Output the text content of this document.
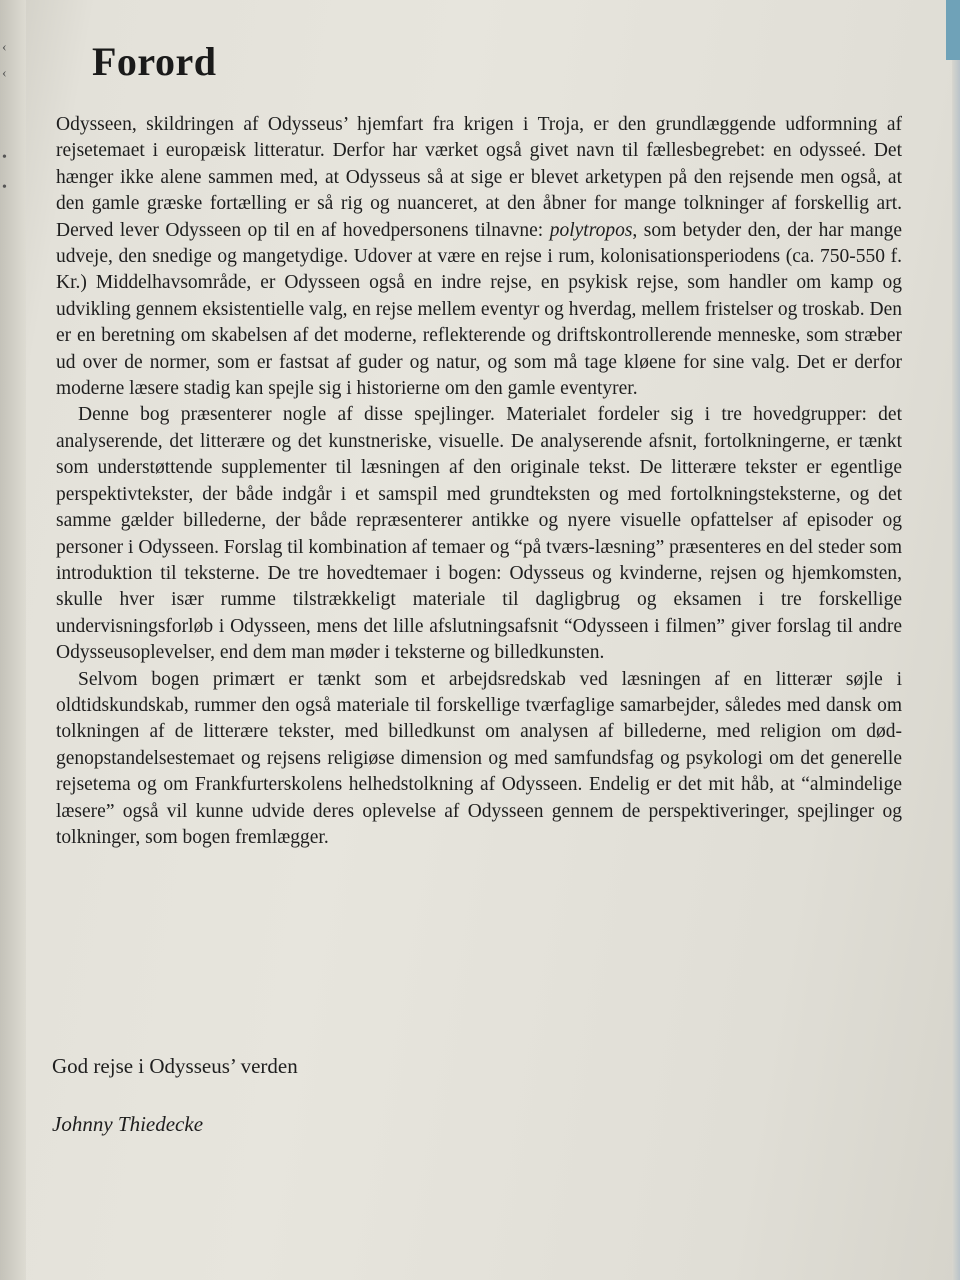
‹
‹
•
•
Forord

Odysseen, skildringen af Odysseus’ hjemfart fra krigen i Troja, er den grundlæggende udformning af rejsetemaet i europæisk litteratur. Derfor har værket også givet navn til fællesbegrebet: en odysseé. Det hænger ikke alene sammen med, at Odysseus så at sige er blevet arketypen på den rejsende men også, at den gamle græske fortælling er så rig og nuanceret, at den åbner for mange tolkninger af forskellig art. Derved lever Odysseen op til en af hovedpersonens tilnavne: polytropos, som betyder den, der har mange udveje, den snedige og mangetydige. Udover at være en rejse i rum, kolonisationsperiodens (ca. 750-550 f. Kr.) Middelhavsområde, er Odysseen også en indre rejse, en psykisk rejse, som handler om kamp og udvikling gennem eksistentielle valg, en rejse mellem eventyr og hverdag, mellem fristelser og troskab. Den er en beretning om skabelsen af det moderne, reflekterende og driftskontrollerende menneske, som stræber ud over de normer, som er fastsat af guder og natur, og som må tage kløene for sine valg. Det er derfor moderne læsere stadig kan spejle sig i historierne om den gamle eventyrer.

Denne bog præsenterer nogle af disse spejlinger. Materialet fordeler sig i tre hovedgrupper: det analyserende, det litterære og det kunstneriske, visuelle. De analyserende afsnit, fortolkningerne, er tænkt som understøttende supplementer til læsningen af den originale tekst. De litterære tekster er egentlige perspektivtekster, der både indgår i et samspil med grundteksten og med fortolkningsteksterne, og det samme gælder billederne, der både repræsenterer antikke og nyere visuelle opfattelser af episoder og personer i Odysseen. Forslag til kombination af temaer og “på tværs-læsning” præsenteres en del steder som introduktion til teksterne. De tre hovedtemaer i bogen: Odysseus og kvinderne, rejsen og hjemkomsten, skulle hver især rumme tilstrækkeligt materiale til dagligbrug og eksamen i tre forskellige undervisningsforløb i Odysseen, mens det lille afslutningsafsnit “Odysseen i filmen” giver forslag til andre Odysseusoplevelser, end dem man møder i teksterne og billedkunsten.

Selvom bogen primært er tænkt som et arbejdsredskab ved læsningen af en litterær søjle i oldtidskundskab, rummer den også materiale til forskellige tværfaglige samarbejder, således med dansk om tolkningen af de litterære tekster, med billedkunst om analysen af billederne, med religion om død-genopstandelsestemaet og rejsens religiøse dimension og med samfundsfag og psykologi om det generelle rejsetema og om Frankfurterskolens helhedstolkning af Odysseen. Endelig er det mit håb, at “almindelige læsere” også vil kunne udvide deres oplevelse af Odysseen gennem de perspektiveringer, spejlinger og tolkninger, som bogen fremlægger.

God rejse i Odysseus’ verden

Johnny Thiedecke
